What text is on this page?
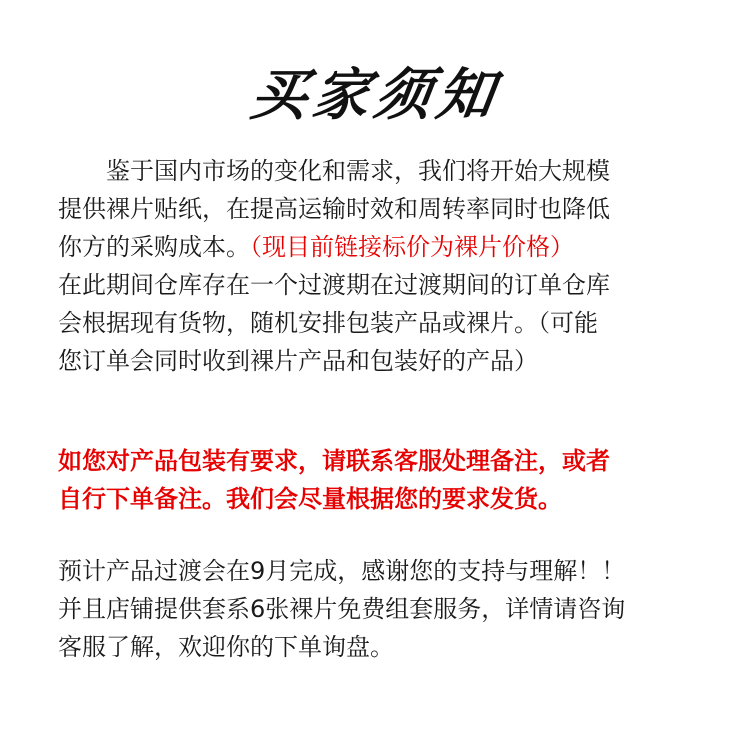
买家须知
鉴于国内市场的变化和需求，我们将开始大规模
提供裸片贴纸，在提高运输时效和周转率同时也降低
你方的采购成本。（现目前链接标价为裸片价格）
在此期间仓库存在一个过渡期在过渡期间的订单仓库
会根据现有货物，随机安排包装产品或裸片。（可能
您订单会同时收到裸片产品和包装好的产品）
如您对产品包装有要求，请联系客服处理备注，或者
自行下单备注。我们会尽量根据您的要求发货。
预计产品过渡会在9月完成，感谢您的支持与理解！！
并且店铺提供套系6张裸片免费组套服务，详情请咨询
客服了解，欢迎你的下单询盘。
